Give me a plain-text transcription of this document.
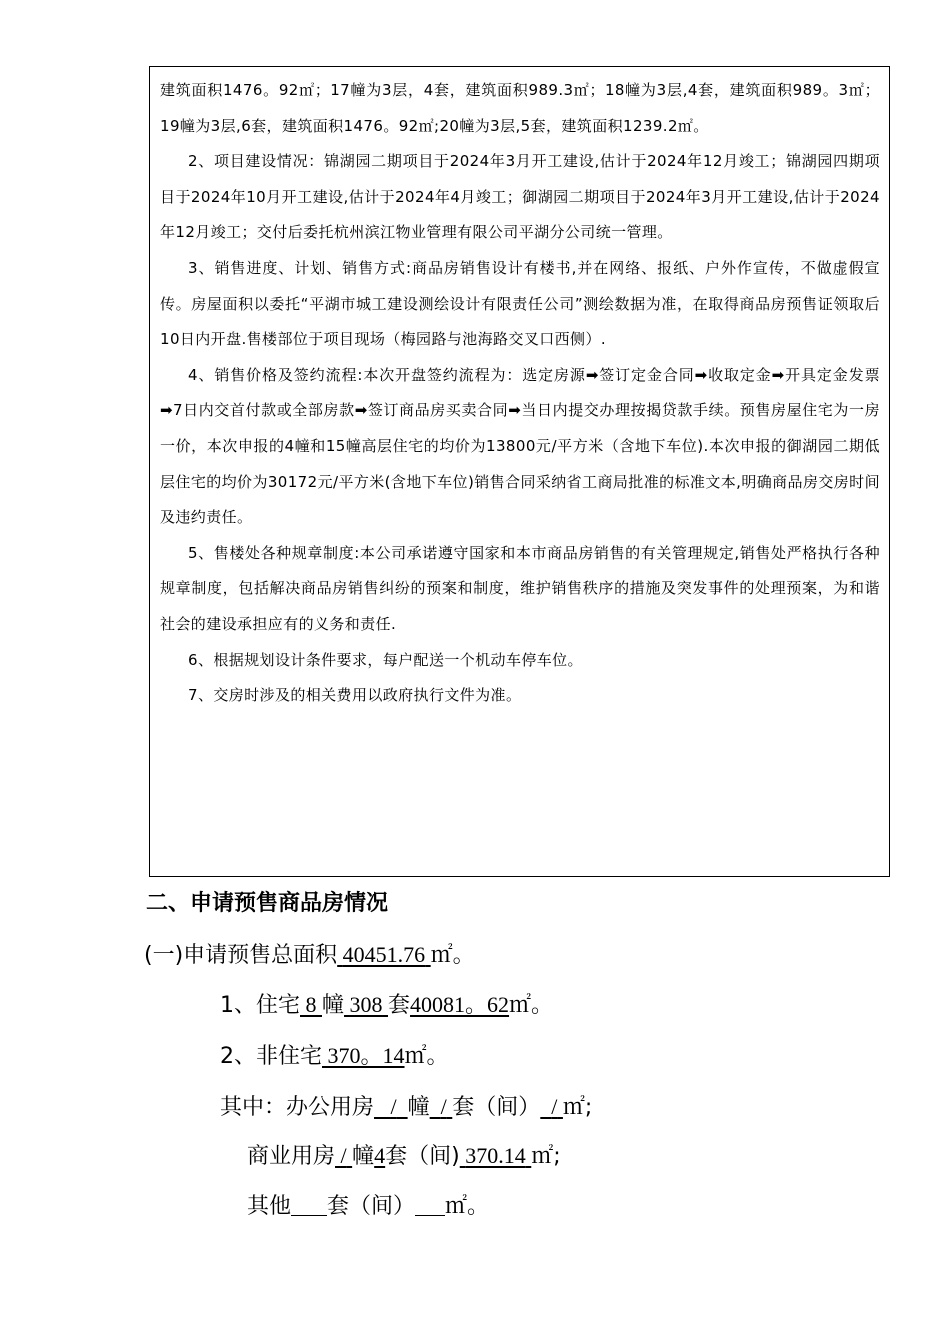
建筑面积1476。92㎡；17幢为3层，4套，建筑面积989.3㎡；18幢为3层,4套，建筑面积989。3㎡；19幢为3层,6套，建筑面积1476。92㎡;20幢为3层,5套，建筑面积1239.2㎡。

2、项目建设情况：锦湖园二期项目于2024年3月开工建设,估计于2024年12月竣工；锦湖园四期项目于2024年10月开工建设,估计于2024年4月竣工；御湖园二期项目于2024年3月开工建设,估计于2024年12月竣工；交付后委托杭州滨江物业管理有限公司平湖分公司统一管理。

3、销售进度、计划、销售方式:商品房销售设计有楼书,并在网络、报纸、户外作宣传，不做虚假宣传。房屋面积以委托“平湖市城工建设测绘设计有限责任公司”测绘数据为准，在取得商品房预售证领取后10日内开盘.售楼部位于项目现场（梅园路与池海路交叉口西侧）.

4、销售价格及签约流程:本次开盘签约流程为：选定房源➡签订定金合同➡收取定金➡开具定金发票➡7日内交首付款或全部房款➡签订商品房买卖合同➡当日内提交办理按揭贷款手续。预售房屋住宅为一房一价，本次申报的4幢和15幢高层住宅的均价为13800元/平方米（含地下车位).本次申报的御湖园二期低层住宅的均价为30172元/平方米(含地下车位)销售合同采纳省工商局批准的标准文本,明确商品房交房时间及违约责任。

5、售楼处各种规章制度:本公司承诺遵守国家和本市商品房销售的有关管理规定,销售处严格执行各种规章制度，包括解决商品房销售纠纷的预案和制度，维护销售秩序的措施及突发事件的处理预案，为和谐社会的建设承担应有的义务和责任.

6、根据规划设计条件要求，每户配送一个机动车停车位。

7、交房时涉及的相关费用以政府执行文件为准。

二、申请预售商品房情况

(一)申请预售总面积 40451.76 ㎡。

1、住宅 8 幢 308 套40081。62㎡。

2、非住宅 370。14㎡。

其中：办公用房 / 幢 / 套（间） / ㎡;

商业用房 / 幢4套（间) 370.14 ㎡;

其他 套（间） ㎡。
